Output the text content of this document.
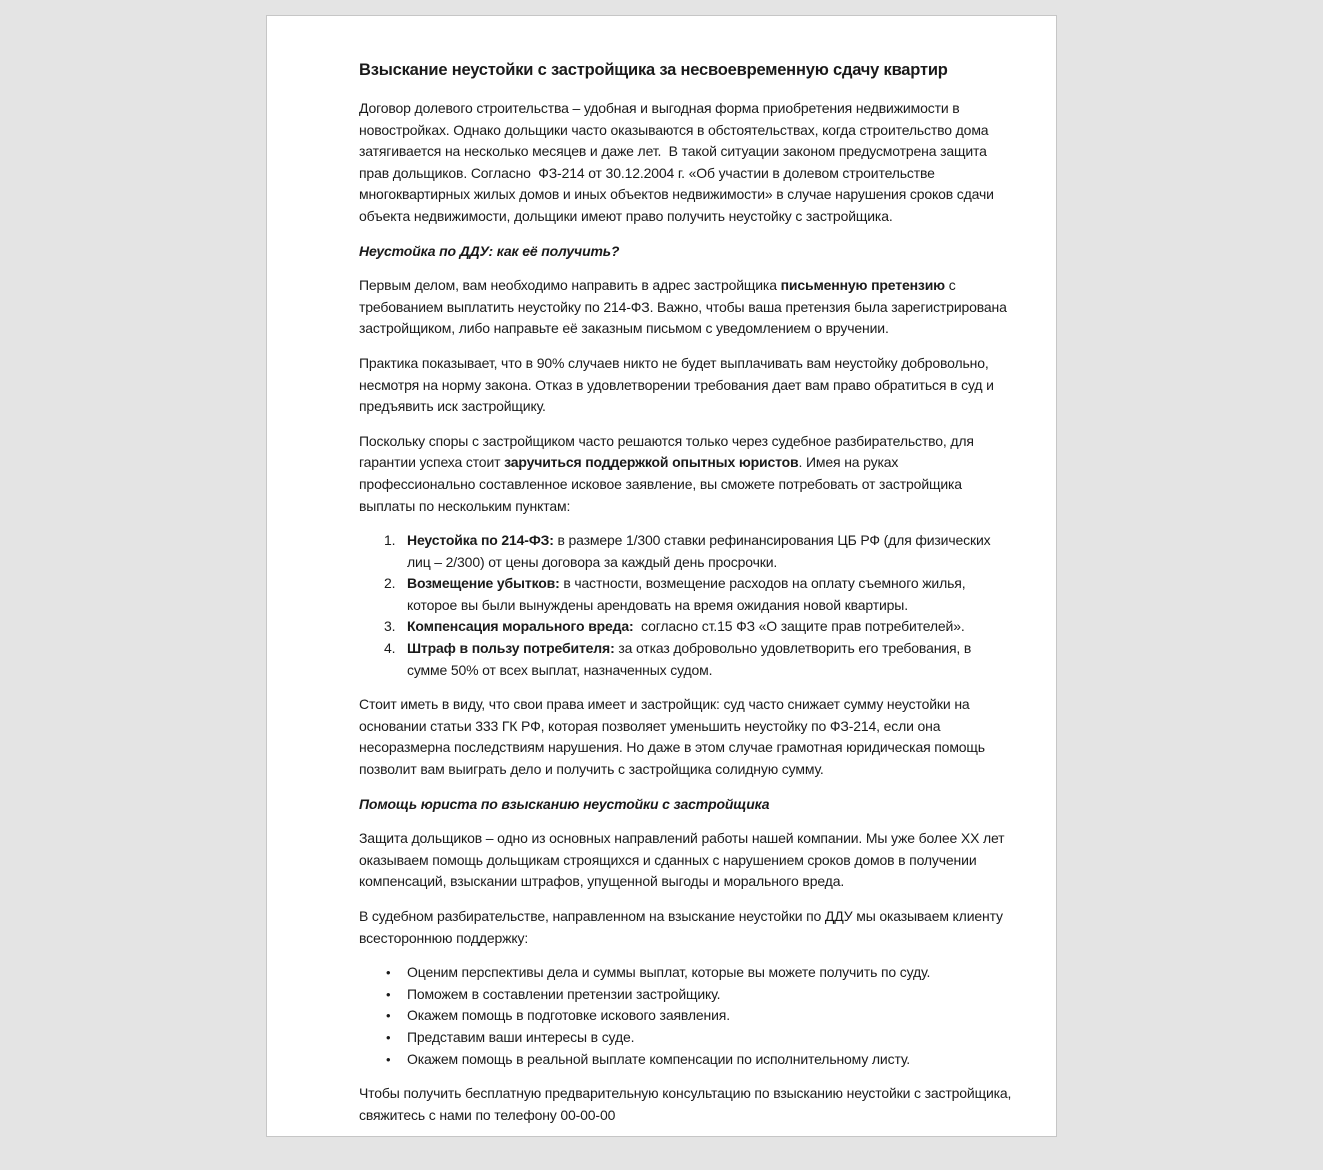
Взыскание неустойки с застройщика за несвоевременную сдачу квартир

Договор долевого строительства – удобная и выгодная форма приобретения недвижимости в новостройках. Однако дольщики часто оказываются в обстоятельствах, когда строительство дома затягивается на несколько месяцев и даже лет.  В такой ситуации законом предусмотрена защита прав дольщиков. Согласно  ФЗ-214 от 30.12.2004 г. «Об участии в долевом строительстве многоквартирных жилых домов и иных объектов недвижимости» в случае нарушения сроков сдачи объекта недвижимости, дольщики имеют право получить неустойку с застройщика.

Неустойка по ДДУ: как её получить?

Первым делом, вам необходимо направить в адрес застройщика письменную претензию с требованием выплатить неустойку по 214-ФЗ. Важно, чтобы ваша претензия была зарегистрирована застройщиком, либо направьте её заказным письмом с уведомлением о вручении.

Практика показывает, что в 90% случаев никто не будет выплачивать вам неустойку добровольно, несмотря на норму закона. Отказ в удовлетворении требования дает вам право обратиться в суд и предъявить иск застройщику.

Поскольку споры с застройщиком часто решаются только через судебное разбирательство, для гарантии успеха стоит заручиться поддержкой опытных юристов. Имея на руках профессионально составленное исковое заявление, вы сможете потребовать от застройщика выплаты по нескольким пунктам:

1. Неустойка по 214-ФЗ: в размере 1/300 ставки рефинансирования ЦБ РФ (для физических лиц – 2/300) от цены договора за каждый день просрочки.
2. Возмещение убытков: в частности, возмещение расходов на оплату съемного жилья, которое вы были вынуждены арендовать на время ожидания новой квартиры.
3. Компенсация морального вреда:  согласно ст.15 ФЗ «О защите прав потребителей».
4. Штраф в пользу потребителя: за отказ добровольно удовлетворить его требования, в сумме 50% от всех выплат, назначенных судом.

Стоит иметь в виду, что свои права имеет и застройщик: суд часто снижает сумму неустойки на основании статьи 333 ГК РФ, которая позволяет уменьшить неустойку по ФЗ-214, если она несоразмерна последствиям нарушения. Но даже в этом случае грамотная юридическая помощь позволит вам выиграть дело и получить с застройщика солидную сумму.

Помощь юриста по взысканию неустойки с застройщика

Защита дольщиков – одно из основных направлений работы нашей компании. Мы уже более XX лет оказываем помощь дольщикам строящихся и сданных с нарушением сроков домов в получении компенсаций, взыскании штрафов, упущенной выгоды и морального вреда.

В судебном разбирательстве, направленном на взыскание неустойки по ДДУ мы оказываем клиенту всестороннюю поддержку:

• Оценим перспективы дела и суммы выплат, которые вы можете получить по суду.
• Поможем в составлении претензии застройщику.
• Окажем помощь в подготовке искового заявления.
• Представим ваши интересы в суде.
• Окажем помощь в реальной выплате компенсации по исполнительному листу.

Чтобы получить бесплатную предварительную консультацию по взысканию неустойки с застройщика, свяжитесь с нами по телефону 00-00-00
